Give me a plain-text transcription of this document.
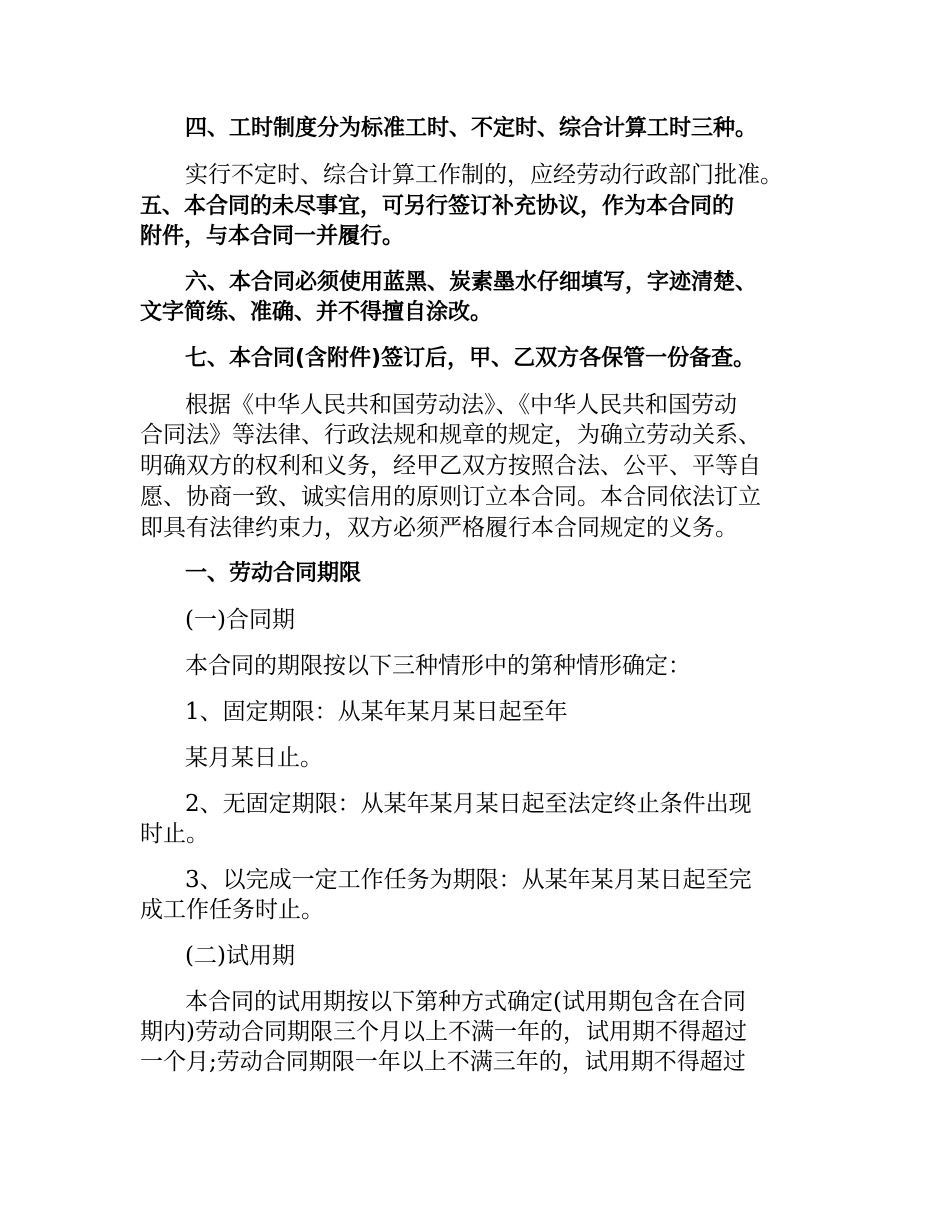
四、工时制度分为标准工时、不定时、综合计算工时三种。

实行不定时、综合计算工作制的，应经劳动行政部门批准。

五、本合同的未尽事宜，可另行签订补充协议，作为本合同的

附件，与本合同一并履行。

六、本合同必须使用蓝黑、炭素墨水仔细填写，字迹清楚、

文字简练、准确、并不得擅自涂改。

七、本合同(含附件)签订后，甲、乙双方各保管一份备查。

根据《中华人民共和国劳动法》、《中华人民共和国劳动

合同法》等法律、行政法规和规章的规定，为确立劳动关系、

明确双方的权利和义务，经甲乙双方按照合法、公平、平等自

愿、协商一致、诚实信用的原则订立本合同。本合同依法订立

即具有法律约束力，双方必须严格履行本合同规定的义务。

一、劳动合同期限

(一)合同期

本合同的期限按以下三种情形中的第种情形确定：

1、固定期限：从某年某月某日起至年

某月某日止。

2、无固定期限：从某年某月某日起至法定终止条件出现

时止。

3、以完成一定工作任务为期限：从某年某月某日起至完

成工作任务时止。

(二)试用期

本合同的试用期按以下第种方式确定(试用期包含在合同

期内)劳动合同期限三个月以上不满一年的，试用期不得超过

一个月;劳动合同期限一年以上不满三年的，试用期不得超过
